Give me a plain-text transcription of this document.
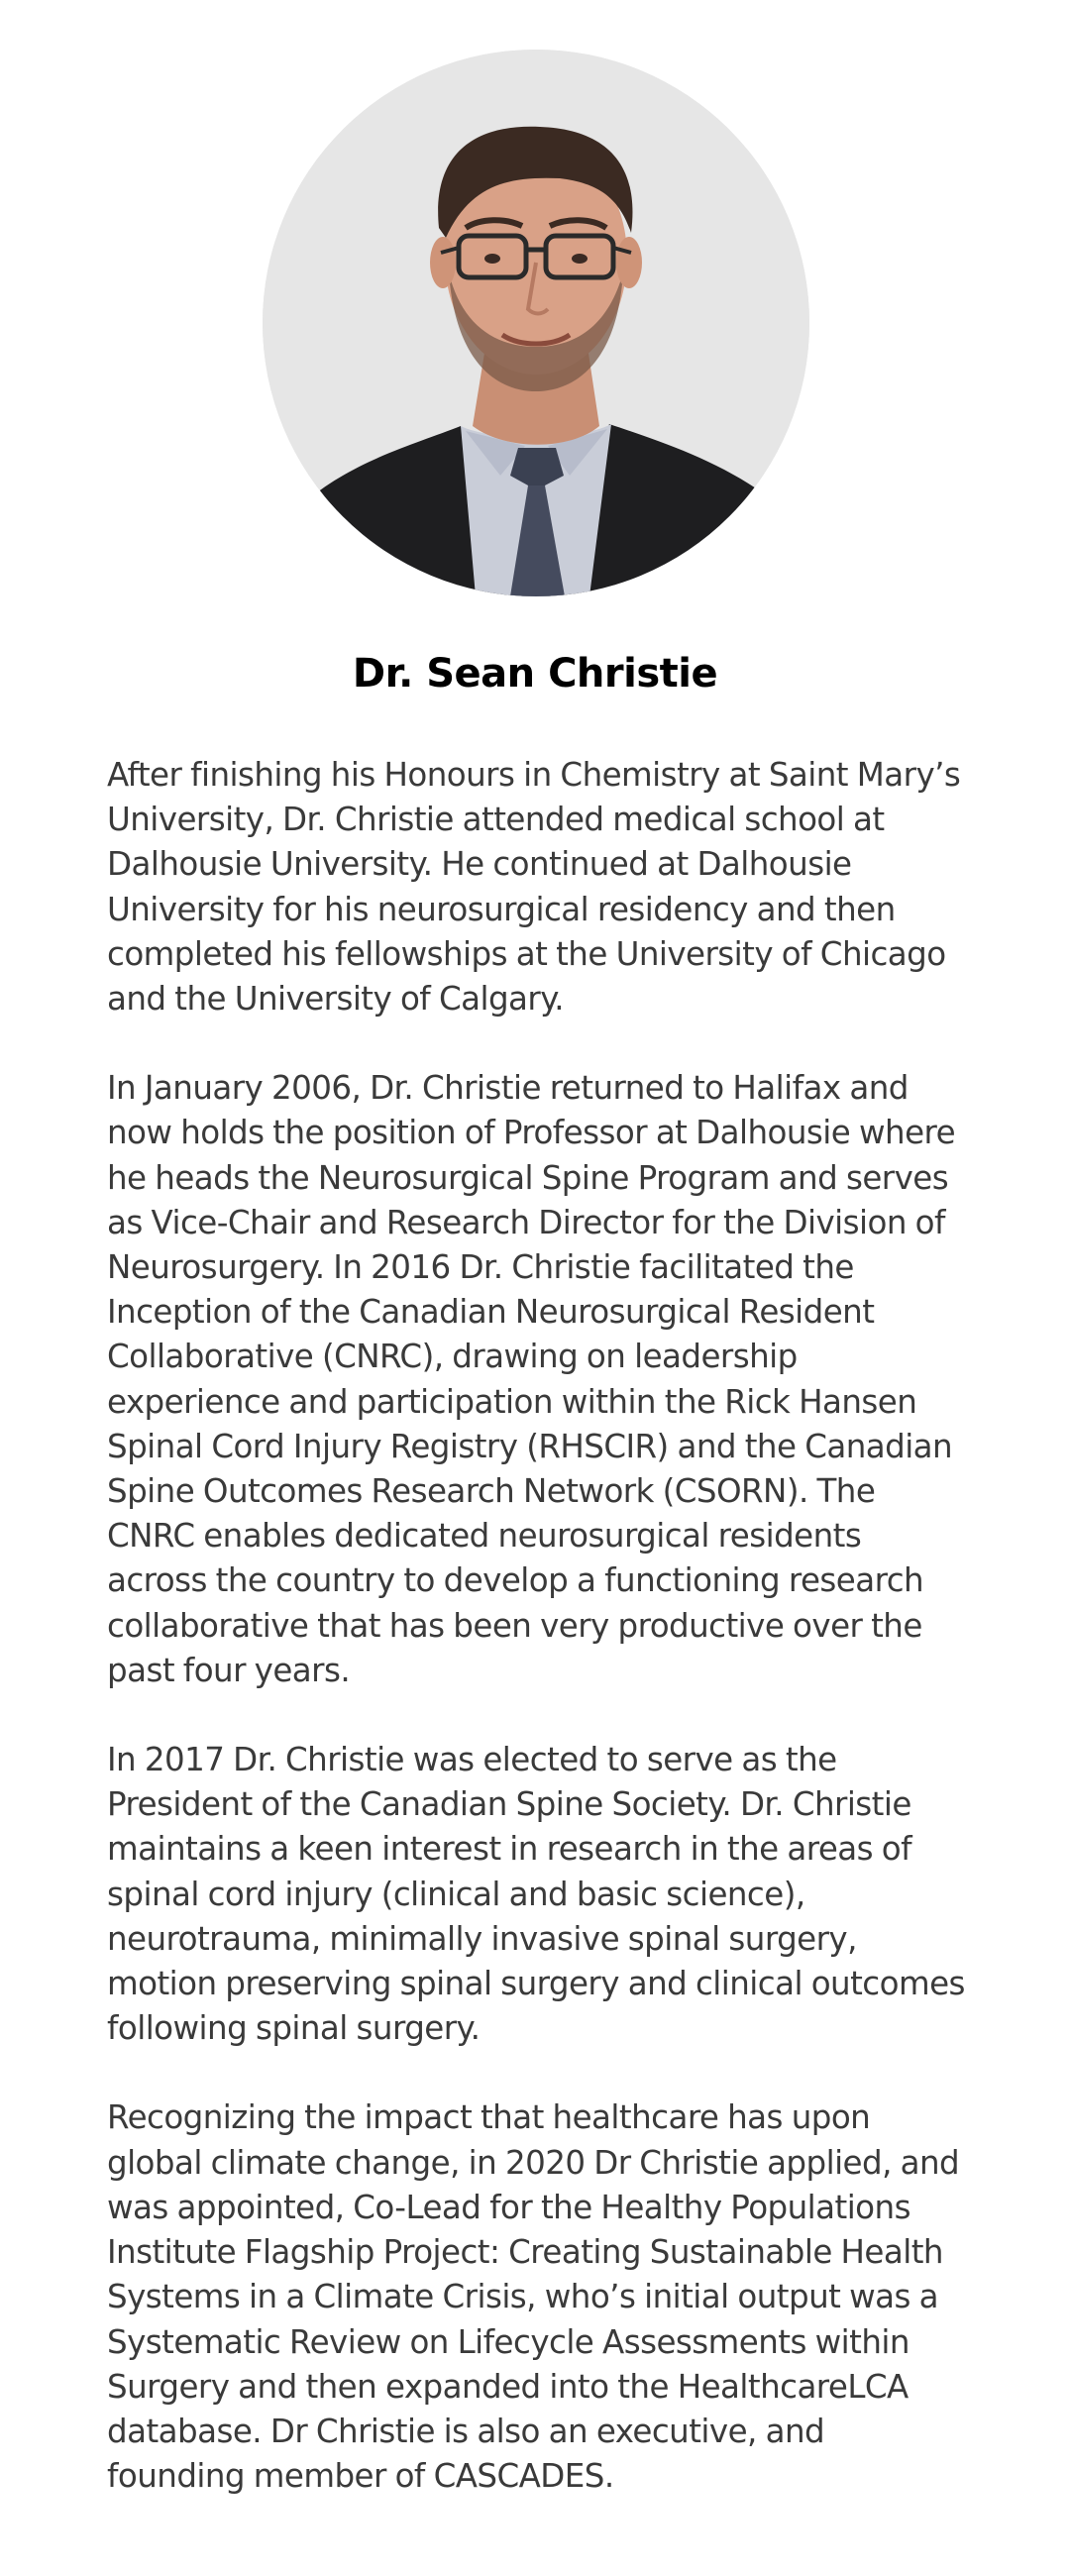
Dr. Sean Christie

After finishing his Honours in Chemistry at Saint Mary’s University, Dr. Christie attended medical school at Dalhousie University. He continued at Dalhousie University for his neurosurgical residency and then completed his fellowships at the University of Chicago and the University of Calgary.

In January 2006, Dr. Christie returned to Halifax and now holds the position of Professor at Dalhousie where he heads the Neurosurgical Spine Program and serves as Vice-Chair and Research Director for the Division of Neurosurgery. In 2016 Dr. Christie facilitated the Inception of the Canadian Neurosurgical Resident Collaborative (CNRC), drawing on leadership experience and participation within the Rick Hansen Spinal Cord Injury Registry (RHSCIR) and the Canadian Spine Outcomes Research Network (CSORN). The CNRC enables dedicated neurosurgical residents across the country to develop a functioning research collaborative that has been very productive over the past four years.

In 2017 Dr. Christie was elected to serve as the President of the Canadian Spine Society. Dr. Christie maintains a keen interest in research in the areas of spinal cord injury (clinical and basic science), neurotrauma, minimally invasive spinal surgery, motion preserving spinal surgery and clinical outcomes following spinal surgery.

Recognizing the impact that healthcare has upon global climate change, in 2020 Dr Christie applied, and was appointed, Co-Lead for the Healthy Populations Institute Flagship Project: Creating Sustainable Health Systems in a Climate Crisis, who’s initial output was a Systematic Review on Lifecycle Assessments within Surgery and then expanded into the HealthcareLCA database. Dr Christie is also an executive, and founding member of CASCADES.
